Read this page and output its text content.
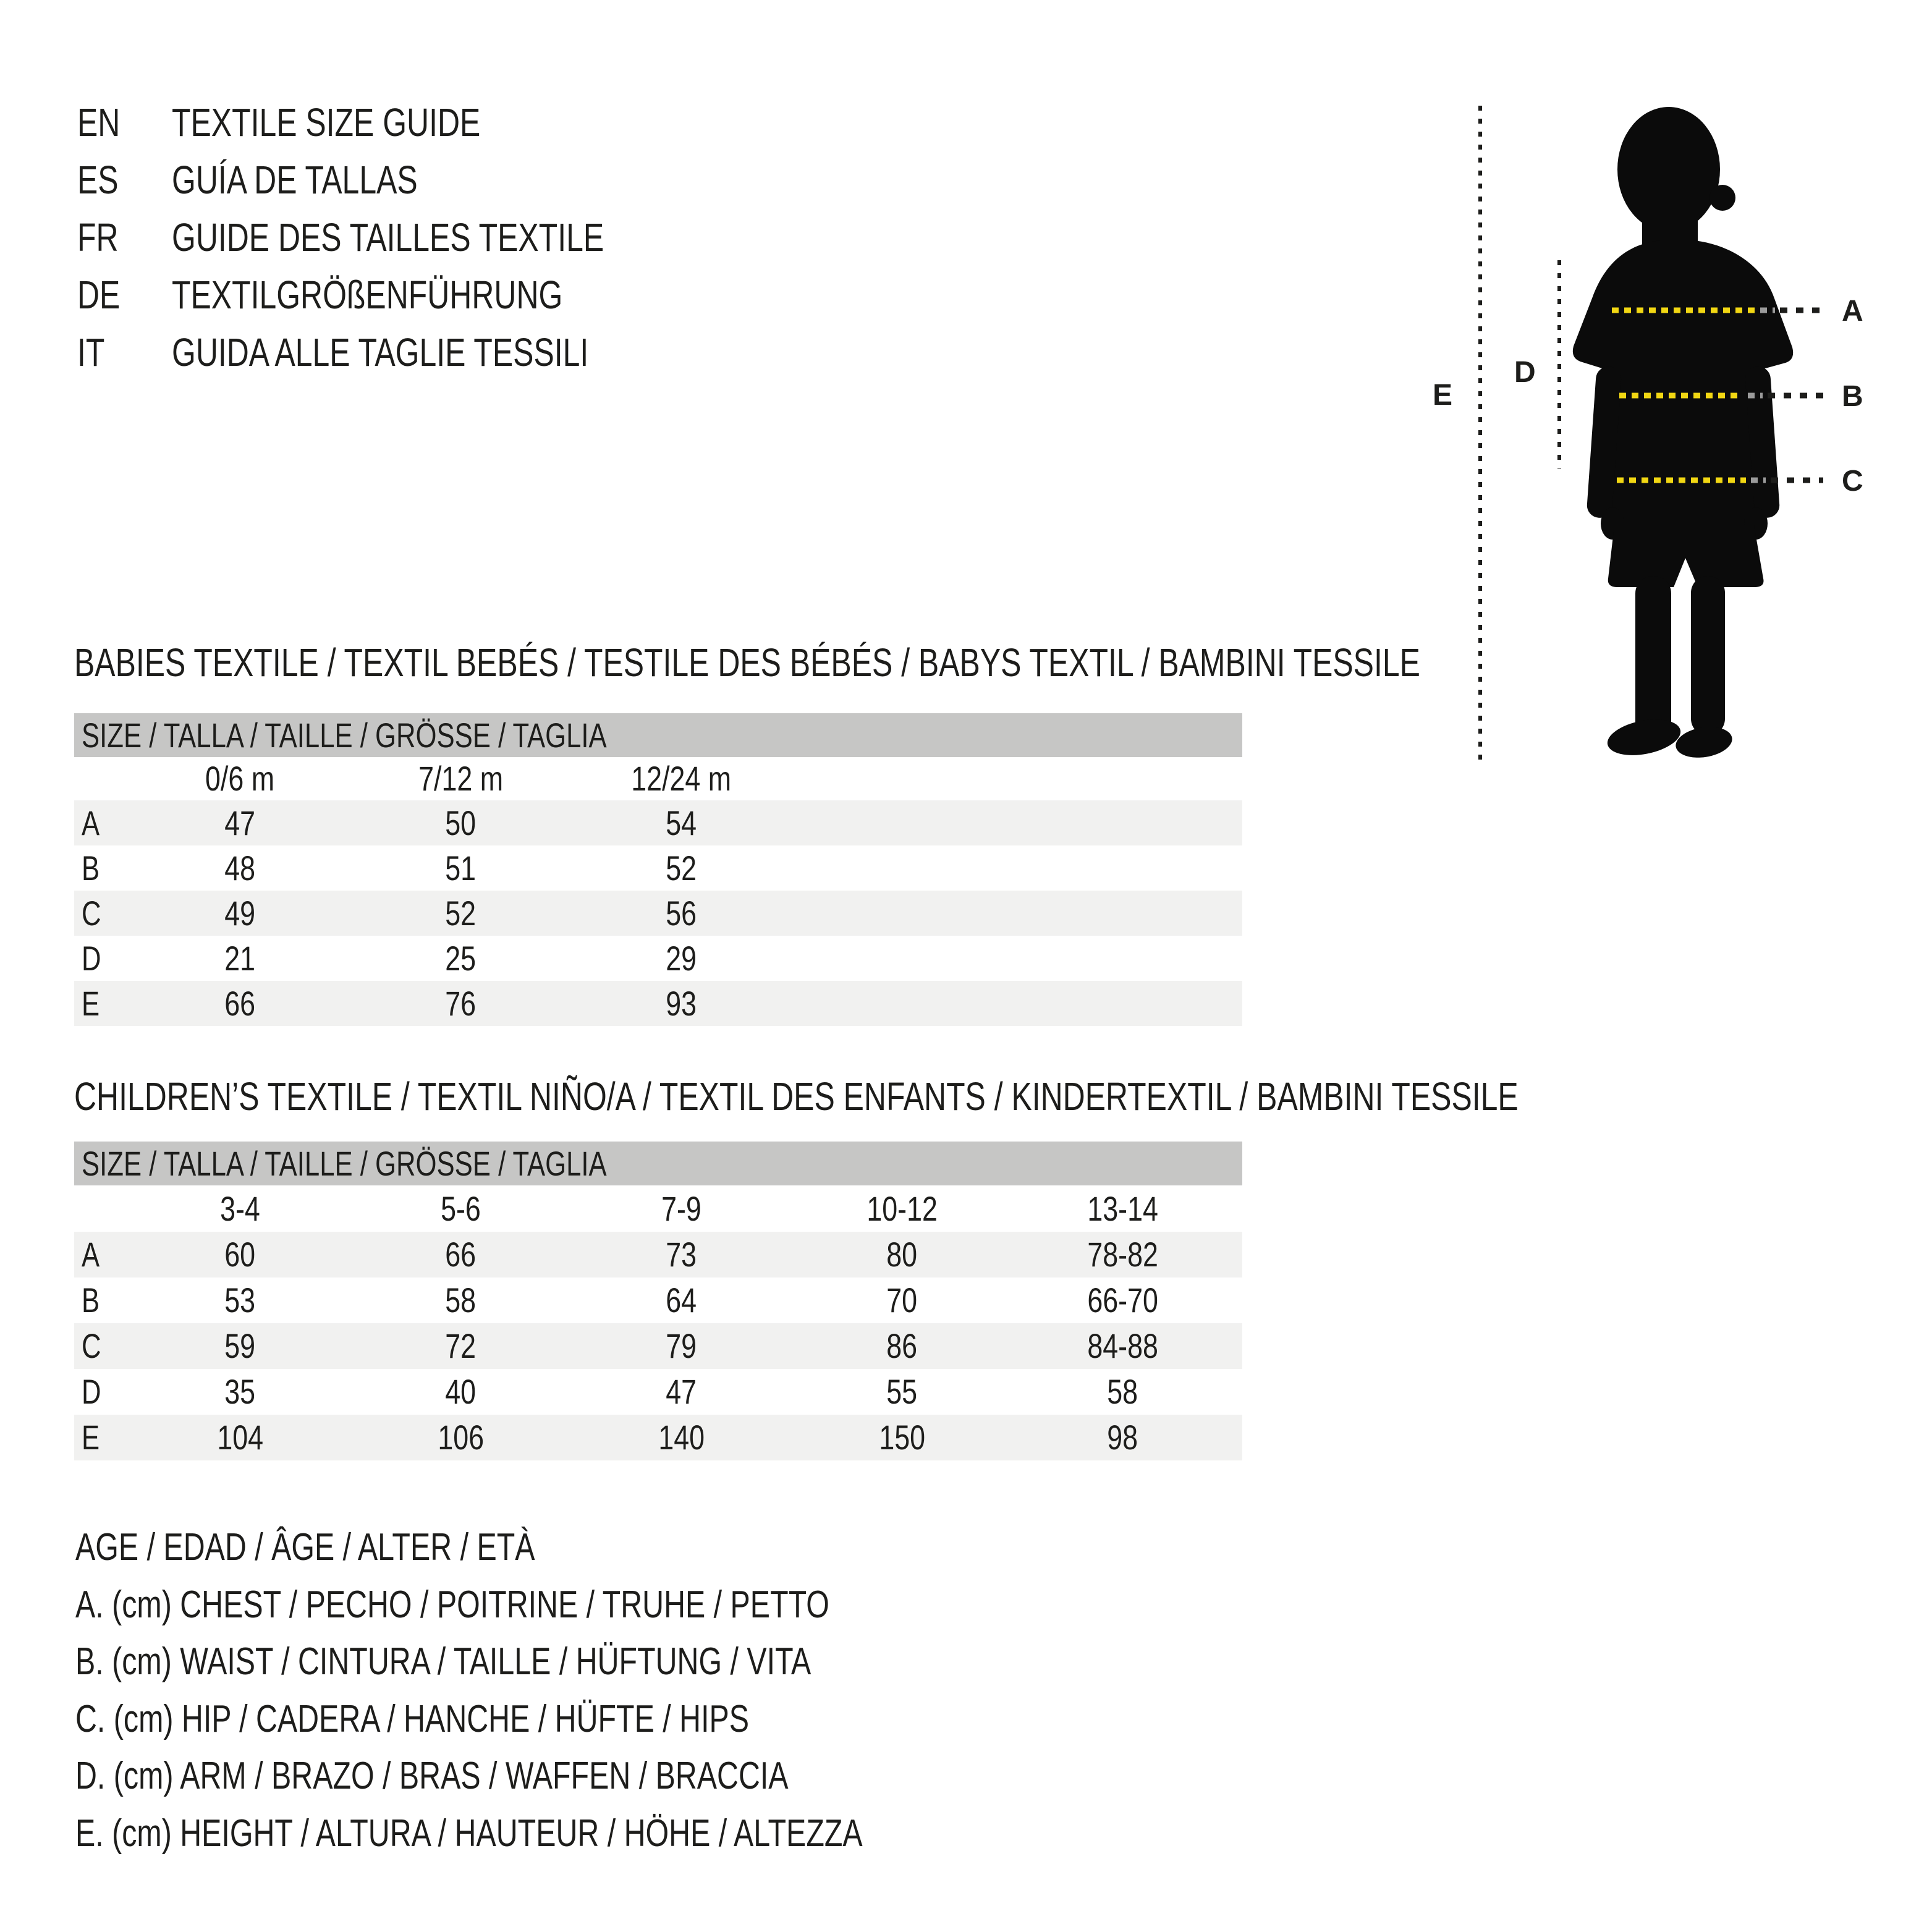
EN	TEXTILE SIZE GUIDE
ES GUÍA DE TALLAS
FR GUIDE DES TAILLES TEXTILE
DE	TEXTILGRÖßENFÜHRUNG
IT GUIDA ALLE TAGLIE TESSILI
A
B
C
D
E
BABIES TEXTILE / TEXTIL BEBÉS / TESTILE DES BÉBÉS / BABYS TEXTIL / BAMBINI TESSILE
SIZE / TALLA / TAILLE / GRÖSSE / TAGLIA
0/6 m	7/12 m	12/24 m
A	47	50	54
B	48	51	52
C	49	52	56
D	21	25	29
E	66	76	93
CHILDREN’S TEXTILE / TEXTIL NIÑO/A / TEXTIL DES ENFANTS / KINDERTEXTIL / BAMBINI TESSILE
SIZE / TALLA / TAILLE / GRÖSSE / TAGLIA
3-4	5-6	7-9	10-12	13-14
A	60	66	73	80	78-82
B	53	58	64	70	66-70
C	59	72	79	86	84-88
D	35	40	47	55	58
E	104	106	140	150	98
AGE / EDAD / ÂGE / ALTER / ETÀ
A. (cm) CHEST / PECHO / POITRINE / TRUHE / PETTO
B. (cm) WAIST / CINTURA / TAILLE / HÜFTUNG / VITA
C. (cm) HIP / CADERA / HANCHE / HÜFTE / HIPS
D. (cm) ARM / BRAZO / BRAS / WAFFEN / BRACCIA
E. (cm) HEIGHT / ALTURA / HAUTEUR / HÖHE / ALTEZZA
